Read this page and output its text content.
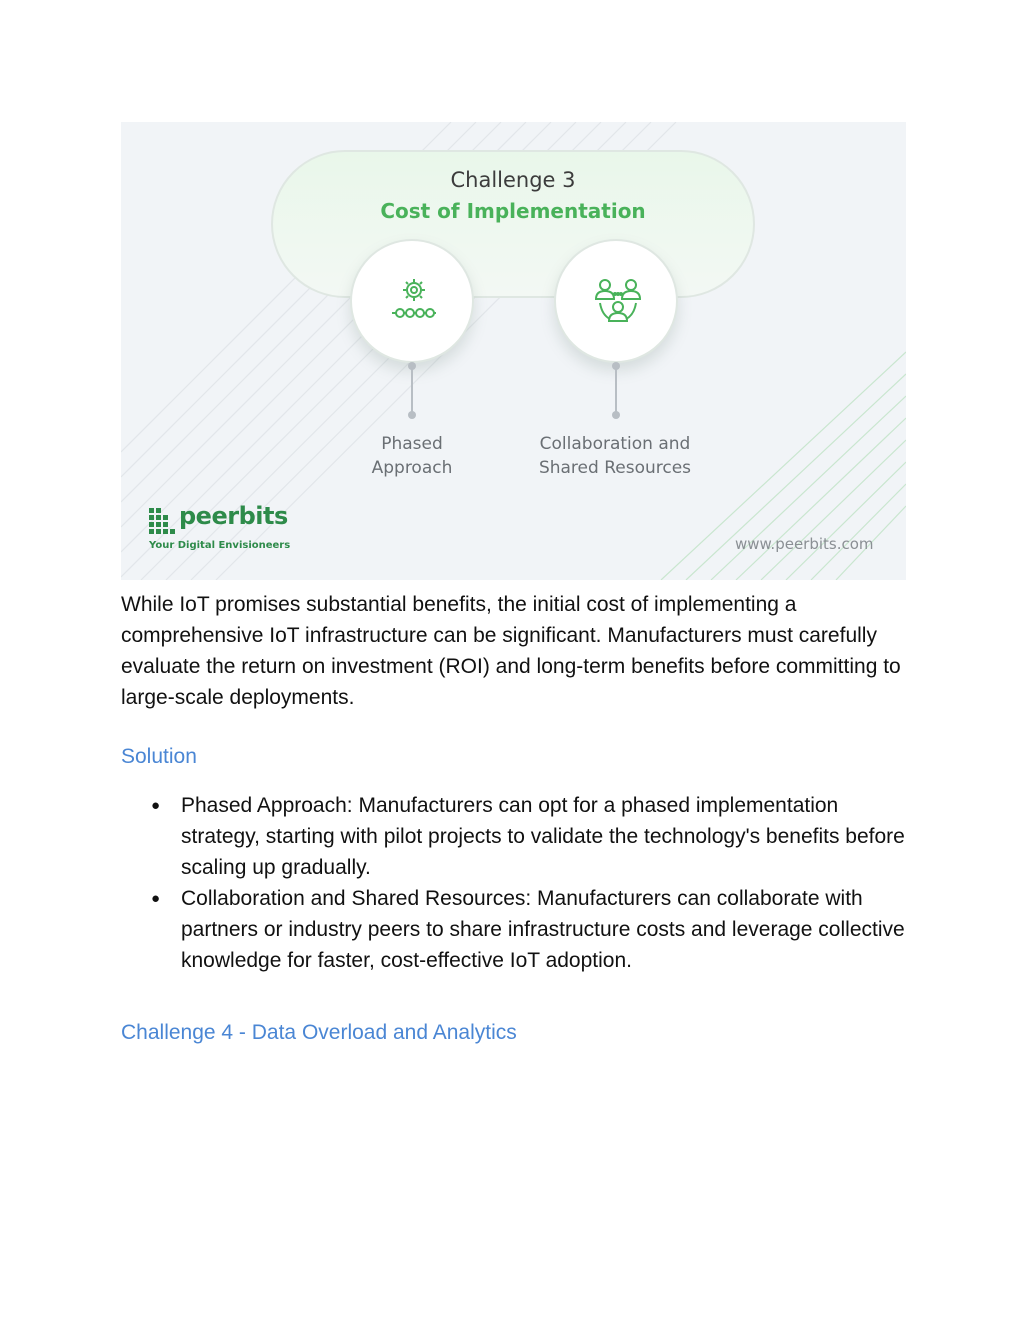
Challenge 3
Cost of Implementation
Phased
Approach
Collaboration and
Shared Resources
peerbits
Your Digital Envisioneers	www.peerbits.com

While IoT promises substantial benefits, the initial cost of implementing a comprehensive IoT infrastructure can be significant. Manufacturers must carefully evaluate the return on investment (ROI) and long-term benefits before committing to large-scale deployments.

Solution
● Phased Approach: Manufacturers can opt for a phased implementation strategy, starting with pilot projects to validate the technology's benefits before scaling up gradually.
● Collaboration and Shared Resources: Manufacturers can collaborate with partners or industry peers to share infrastructure costs and leverage collective knowledge for faster, cost-effective IoT adoption.
Challenge 4 - Data Overload and Analytics
